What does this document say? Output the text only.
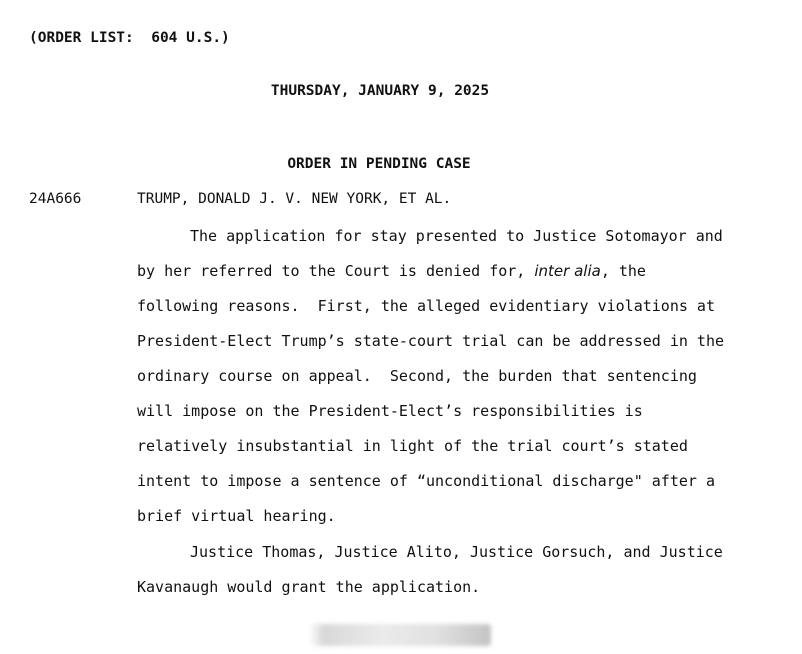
(ORDER LIST:  604 U.S.)
THURSDAY, JANUARY 9, 2025
ORDER IN PENDING CASE
24A666	TRUMP, DONALD J. V. NEW YORK, ET AL.
The application for stay presented to Justice Sotomayor and
by her referred to the Court is denied for, inter alia, the
following reasons.  First, the alleged evidentiary violations at
President-Elect Trump’s state-court trial can be addressed in the
ordinary course on appeal.  Second, the burden that sentencing
will impose on the President-Elect’s responsibilities is
relatively insubstantial in light of the trial court’s stated
intent to impose a sentence of “unconditional discharge" after a
brief virtual hearing.
Justice Thomas, Justice Alito, Justice Gorsuch, and Justice
Kavanaugh would grant the application.
